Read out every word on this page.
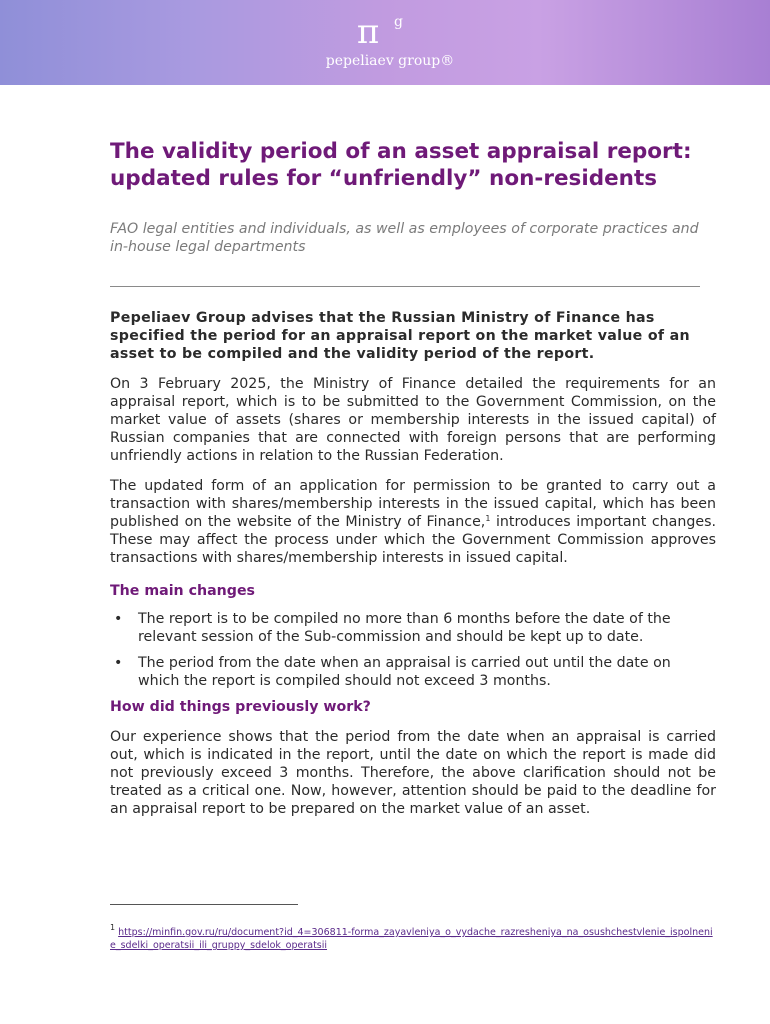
π	g
pepeliaev group®
The validity period of an asset appraisal report: updated rules for “unfriendly” non-residents

FAO legal entities and individuals, as well as employees of corporate practices and in-house legal departments

Pepeliaev Group advises that the Russian Ministry of Finance has specified the period for an appraisal report on the market value of an asset to be compiled and the validity period of the report.

On 3 February 2025, the Ministry of Finance detailed the requirements for an appraisal report, which is to be submitted to the Government Commission, on the market value of assets (shares or membership interests in the issued capital) of Russian companies that are connected with foreign persons that are performing unfriendly actions in relation to the Russian Federation.

The updated form of an application for permission to be granted to carry out a transaction with shares/membership interests in the issued capital, which has been published on the website of the Ministry of Finance,$^1$ introduces important changes. These may affect the process under which the Government Commission approves transactions with shares/membership interests in issued capital.

The main changes
• The report is to be compiled no more than 6 months before the date of the relevant session of the Sub-commission and should be kept up to date.
• The period from the date when an appraisal is carried out until the date on which the report is compiled should not exceed 3 months.
How did things previously work?

Our experience shows that the period from the date when an appraisal is carried out, which is indicated in the report, until the date on which the report is made did not previously exceed 3 months. Therefore, the above clarification should not be treated as a critical one. Now, however, attention should be paid to the deadline for an appraisal report to be prepared on the market value of an asset.

$^1$ https://minfin.gov.ru/ru/document?id_4=306811-forma_zayavleniya_o_vydache_razresheniya_na_osushchestvlenie_ispolnenie_sdelki_operatsii_ili_gruppy_sdelok_operatsii
